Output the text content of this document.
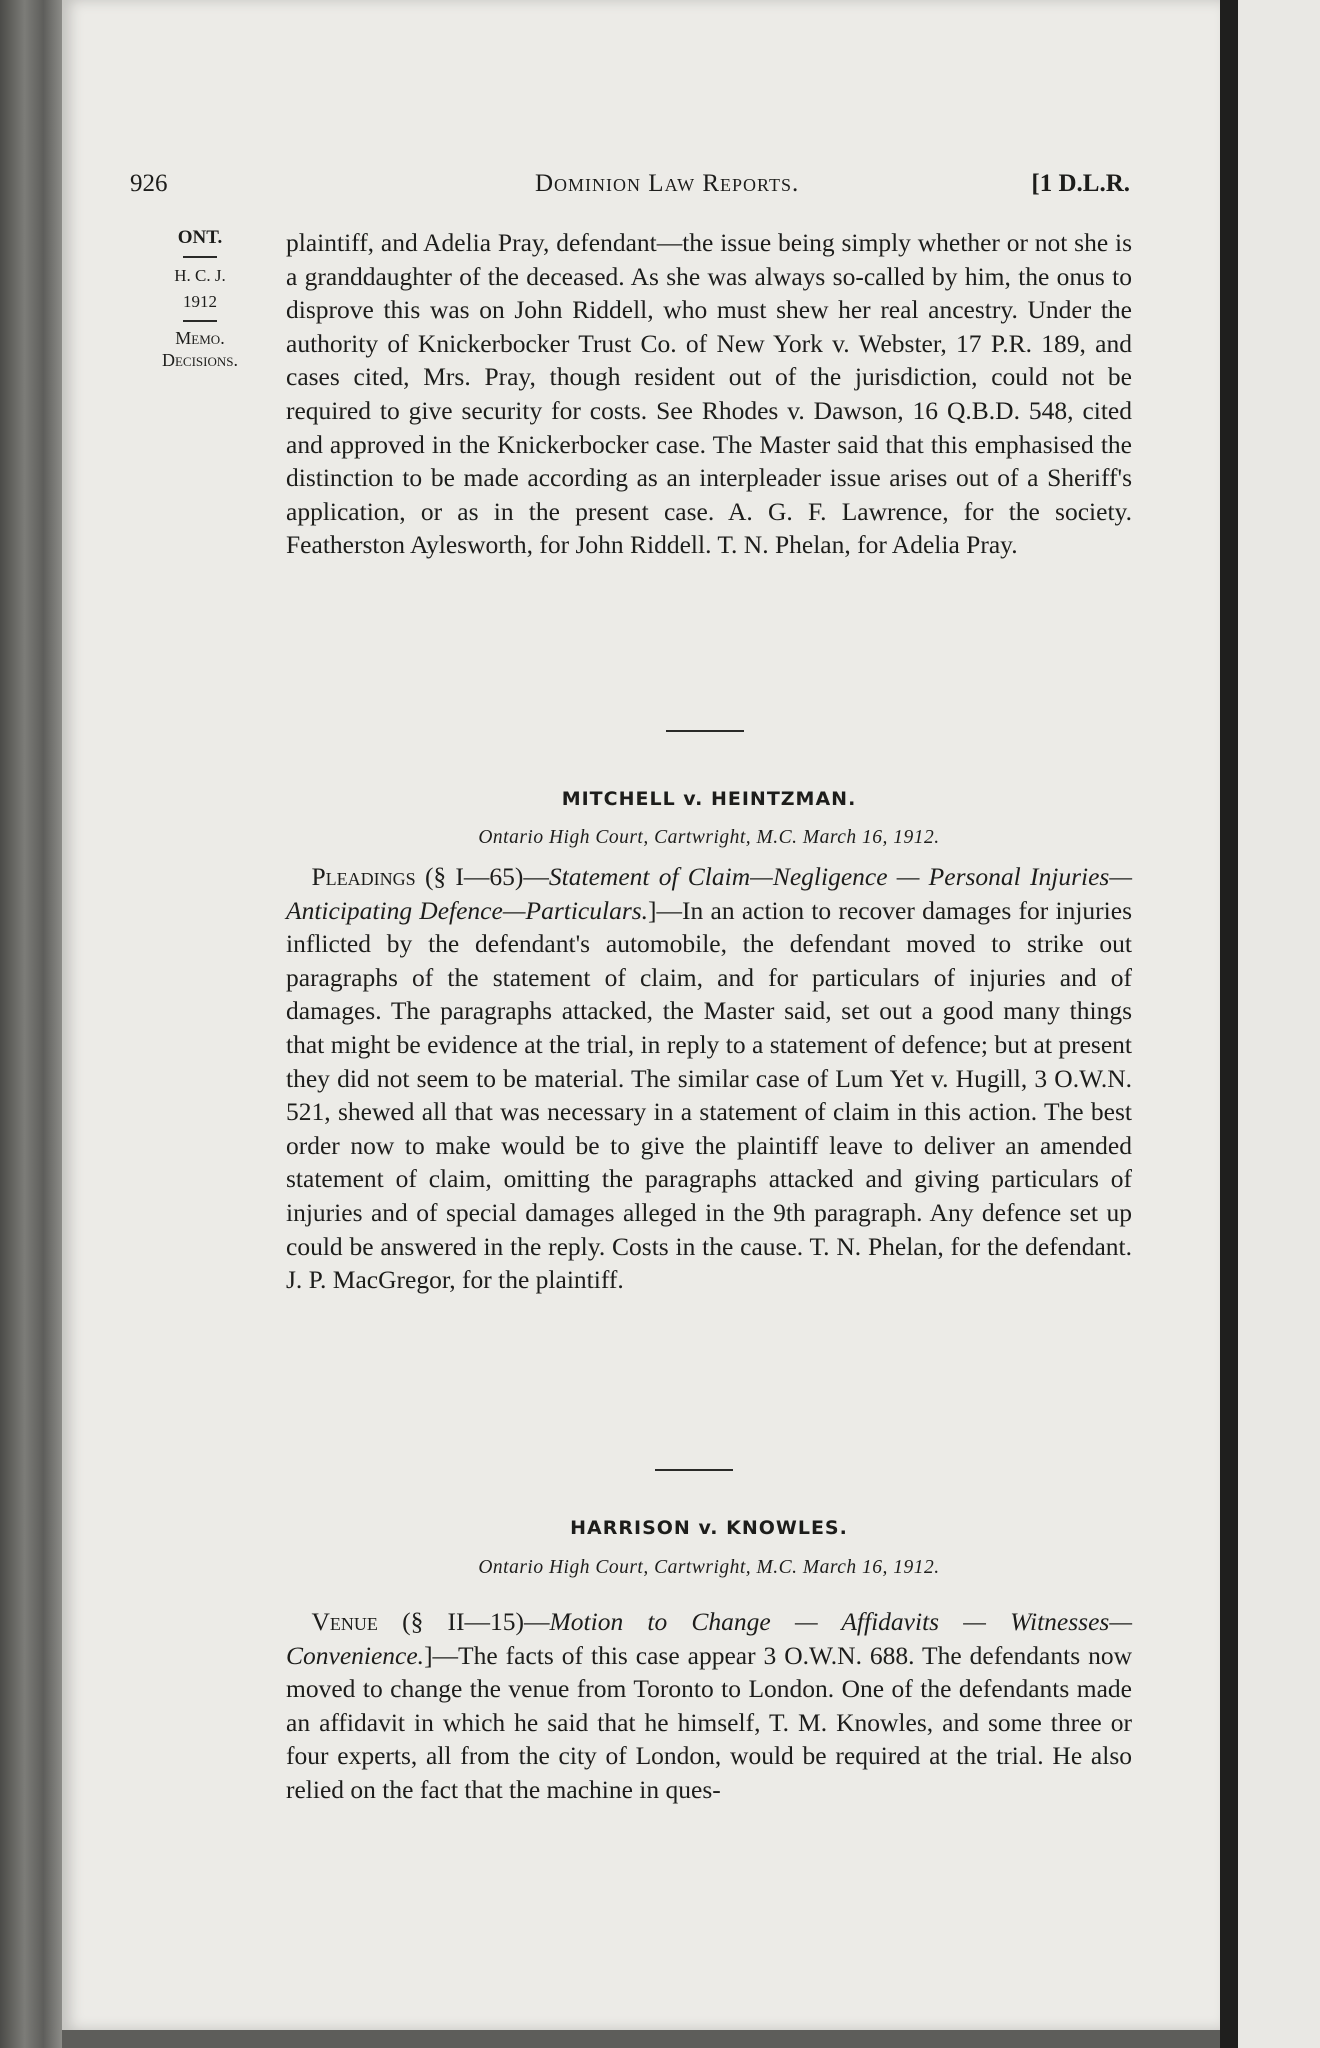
926	Dominion Law Reports.	[1 D.L.R.
ONT.
H. C. J.
1912
Memo.
Decisions.

plaintiff, and Adelia Pray, defendant—the issue being simply whether or not she is a granddaughter of the deceased. As she was always so-called by him, the onus to disprove this was on John Riddell, who must shew her real ancestry. Under the authority of Knickerbocker Trust Co. of New York v. Webster, 17 P.R. 189, and cases cited, Mrs. Pray, though resident out of the jurisdiction, could not be required to give security for costs. See Rhodes v. Dawson, 16 Q.B.D. 548, cited and approved in the Knickerbocker case. The Master said that this emphasised the distinction to be made according as an interpleader issue arises out of a Sheriff's application, or as in the present case. A. G. F. Lawrence, for the society. Featherston Aylesworth, for John Riddell. T. N. Phelan, for Adelia Pray.

MITCHELL v. HEINTZMAN.
Ontario High Court, Cartwright, M.C. March 16, 1912.

 Pleadings (§ I—65)—Statement of Claim—Negligence — Personal Injuries—Anticipating Defence—Particulars.]—In an action to recover damages for injuries inflicted by the defendant's automobile, the defendant moved to strike out paragraphs of the statement of claim, and for particulars of injuries and of damages. The paragraphs attacked, the Master said, set out a good many things that might be evidence at the trial, in reply to a statement of defence; but at present they did not seem to be material. The similar case of Lum Yet v. Hugill, 3 O.W.N. 521, shewed all that was necessary in a statement of claim in this action. The best order now to make would be to give the plaintiff leave to deliver an amended statement of claim, omitting the paragraphs attacked and giving particulars of injuries and of special damages alleged in the 9th paragraph. Any defence set up could be answered in the reply. Costs in the cause. T. N. Phelan, for the defendant. J. P. MacGregor, for the plaintiff.

HARRISON v. KNOWLES.
Ontario High Court, Cartwright, M.C. March 16, 1912.

 Venue (§ II—15)—Motion to Change — Affidavits — Witnesses—Convenience.]—The facts of this case appear 3 O.W.N. 688. The defendants now moved to change the venue from Toronto to London. One of the defendants made an affidavit in which he said that he himself, T. M. Knowles, and some three or four experts, all from the city of London, would be required at the trial. He also relied on the fact that the machine in ques-
